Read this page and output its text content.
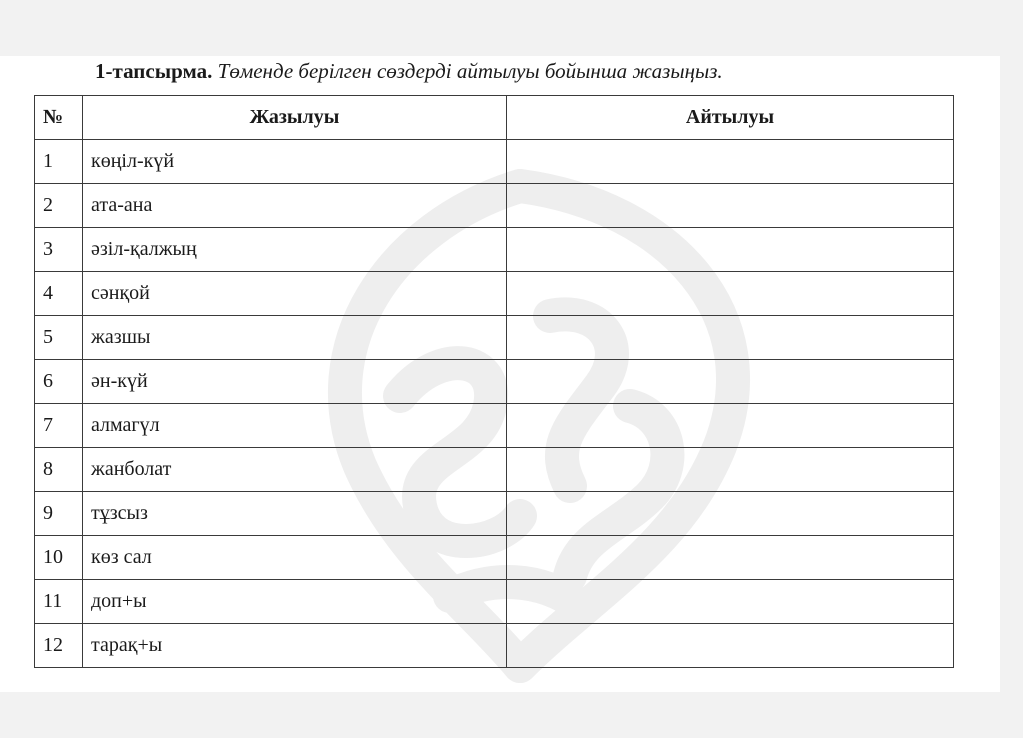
1-тапсырма. Төменде берілген сөздерді айтылуы бойынша жазыңыз.
№	Жазылуы	Айтылуы
1	көңіл-күй	
2	ата-ана	
3	әзіл-қалжың	
4	сәнқой	
5	жазшы	
6	ән-күй	
7	алмагүл	
8	жанболат	
9	тұзсыз	
10	көз сал	
11	доп+ы	
12	тарақ+ы	
